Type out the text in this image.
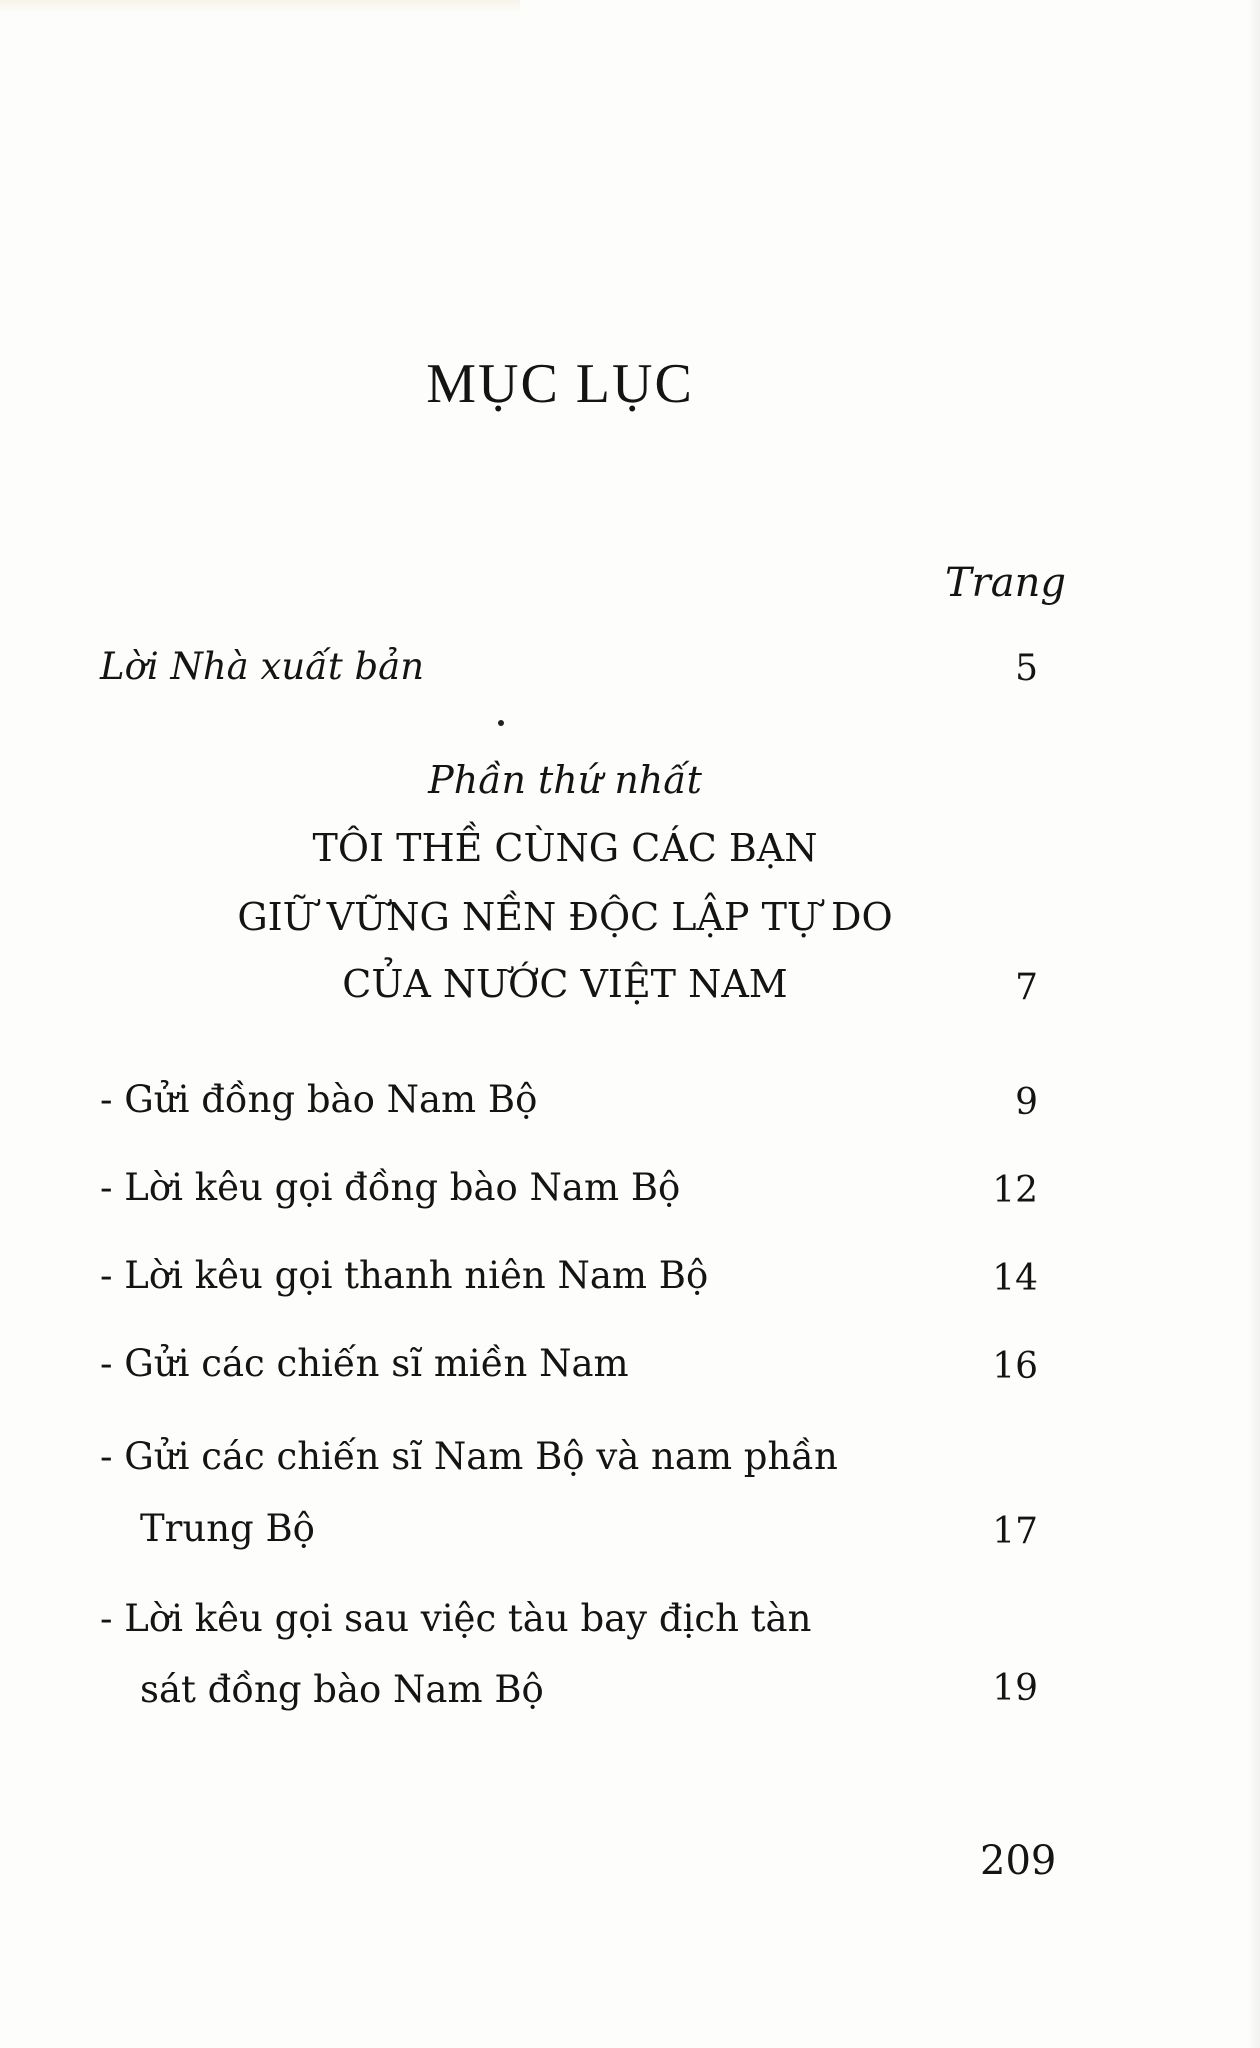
MỤC LỤC
Trang
Lời Nhà xuất bản	5
Phần thứ nhất
TÔI THỀ CÙNG CÁC BẠN
GIỮ VỮNG NỀN ĐỘC LẬP TỰ DO
CỦA NƯỚC VIỆT NAM	7
- Gửi đồng bào Nam Bộ	9
- Lời kêu gọi đồng bào Nam Bộ	12
- Lời kêu gọi thanh niên Nam Bộ	14
- Gửi các chiến sĩ miền Nam	16
- Gửi các chiến sĩ Nam Bộ và nam phần
Trung Bộ	17
- Lời kêu gọi sau việc tàu bay địch tàn
sát đồng bào Nam Bộ	19
209
